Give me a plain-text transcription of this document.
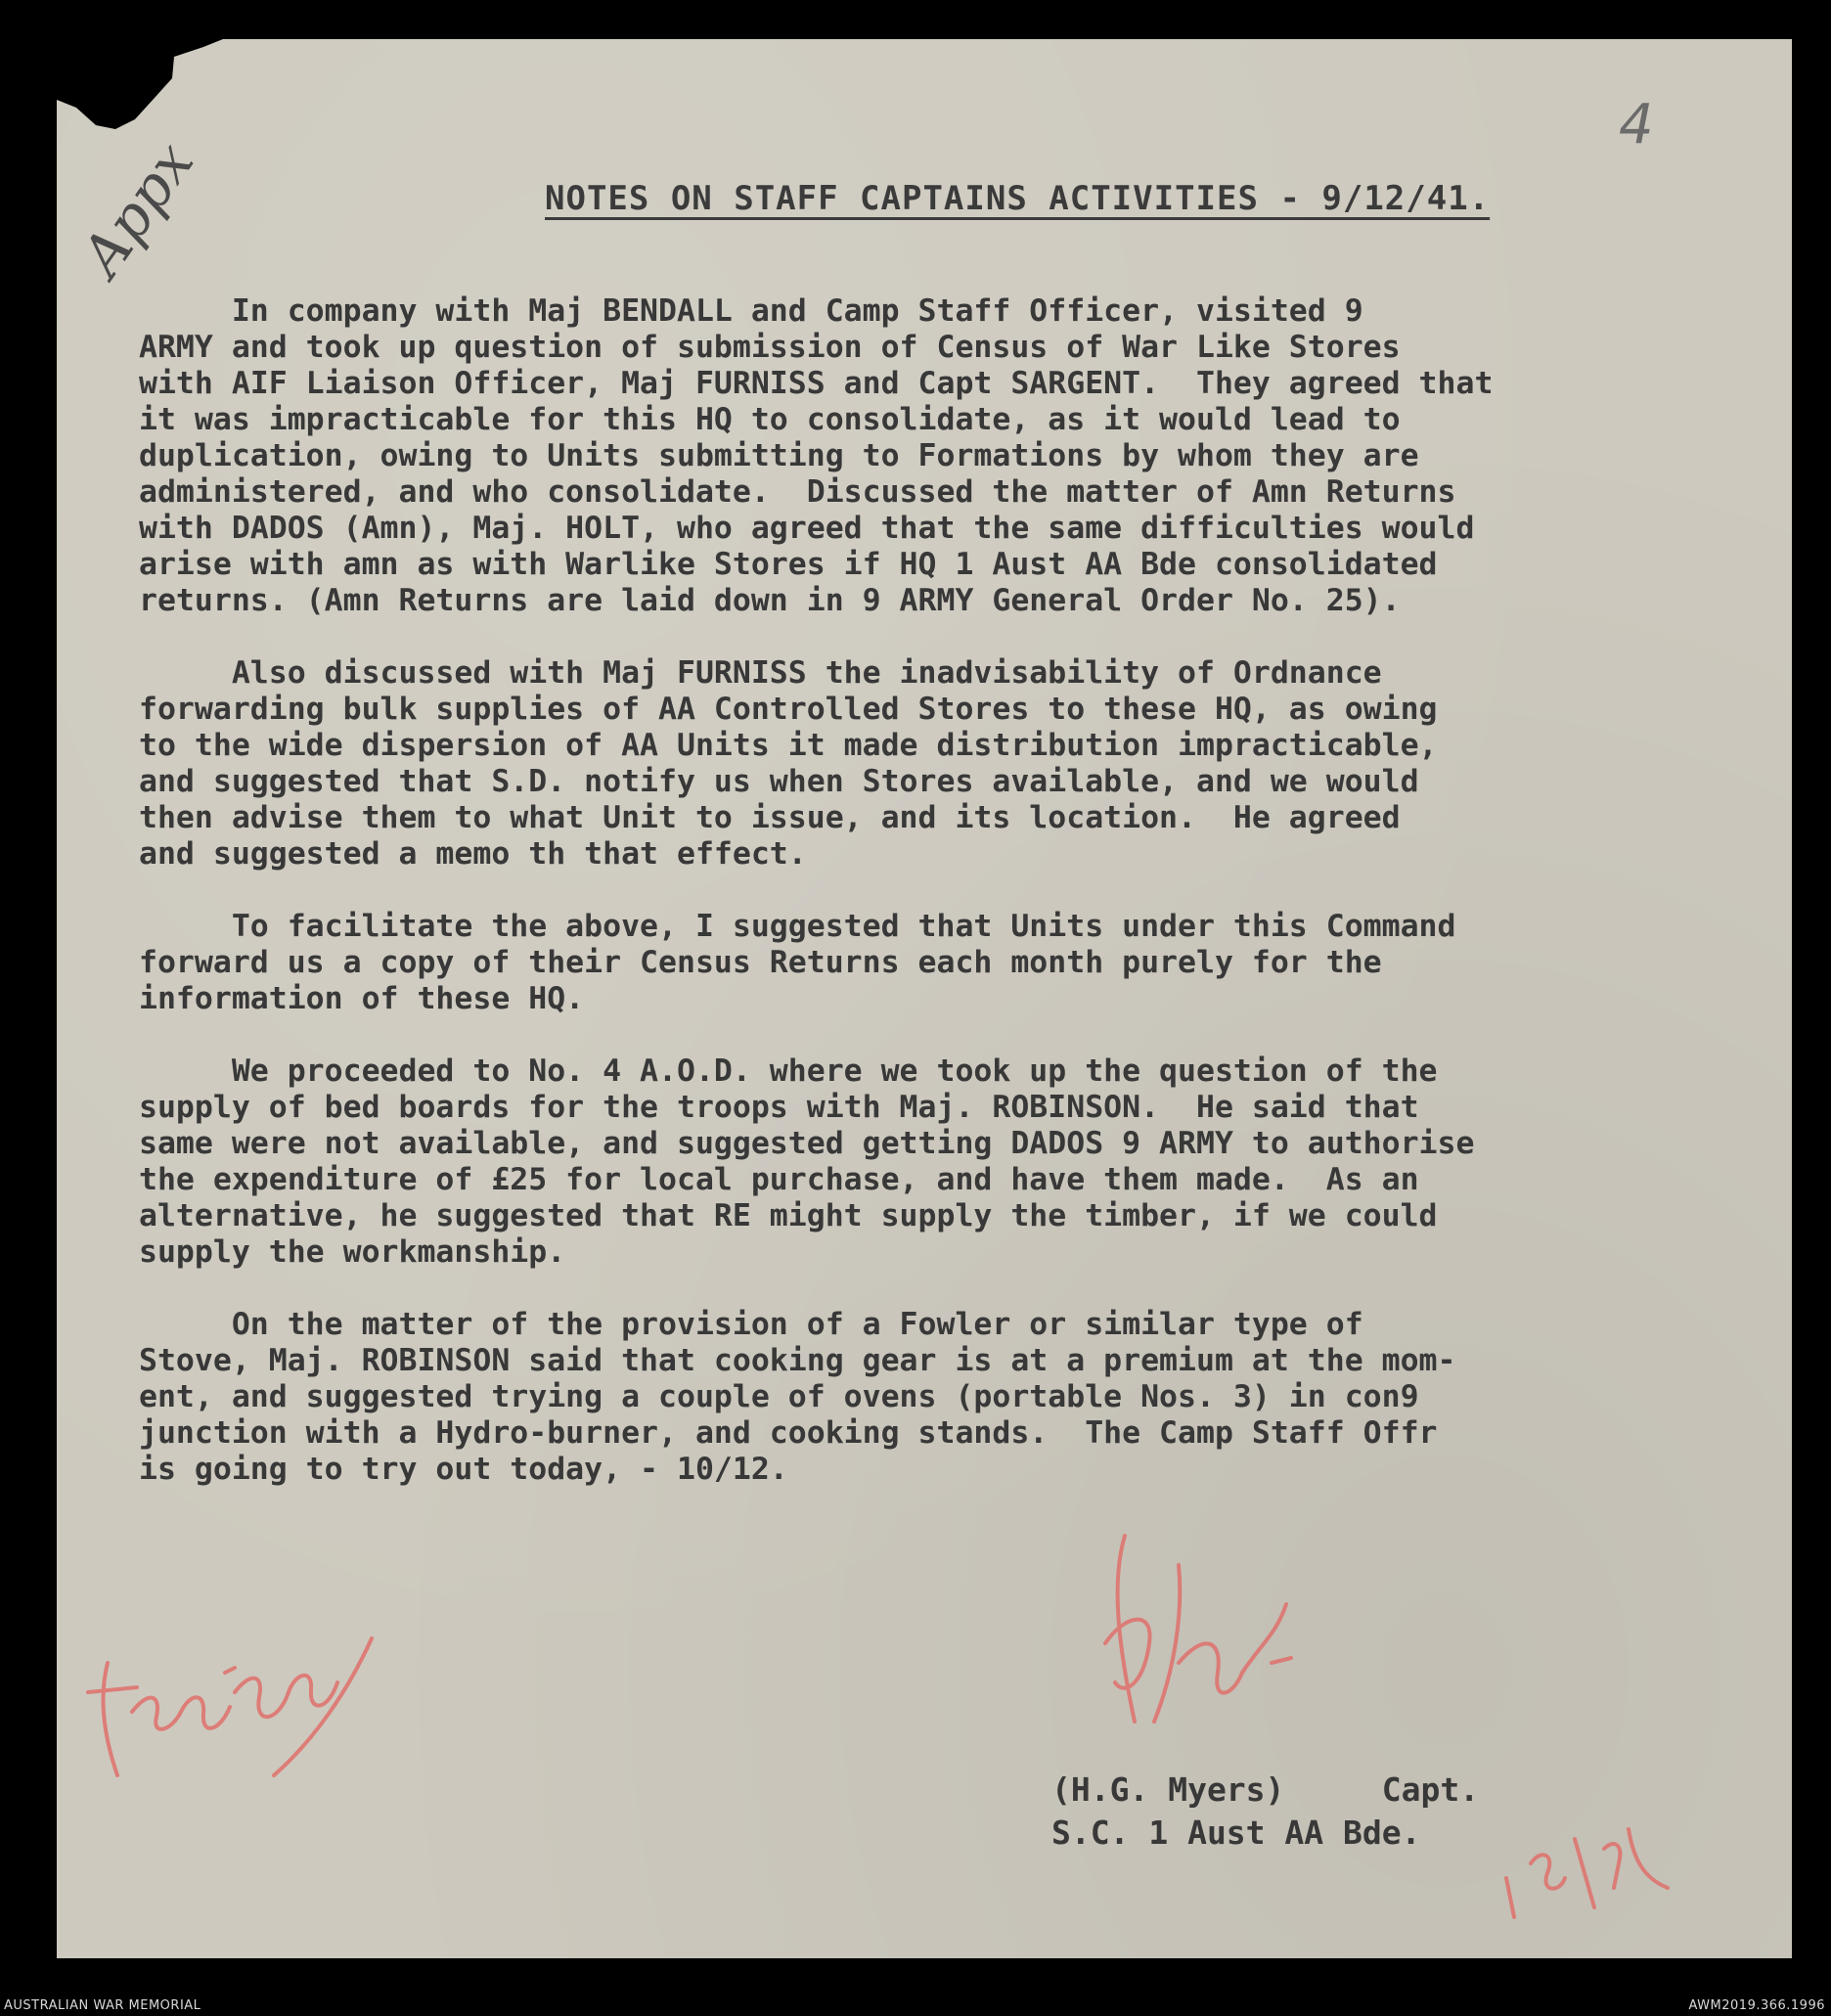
4
Appx	NOTES ON STAFF CAPTAINS ACTIVITIES - 9/12/41.
In company with Maj BENDALL and Camp Staff Officer, visited 9
ARMY and took up question of submission of Census of War Like Stores
with AIF Liaison Officer, Maj FURNISS and Capt SARGENT.  They agreed that
it was impracticable for this HQ to consolidate, as it would lead to
duplication, owing to Units submitting to Formations by whom they are
administered, and who consolidate.  Discussed the matter of Amn Returns
with DADOS (Amn), Maj. HOLT, who agreed that the same difficulties would
arise with amn as with Warlike Stores if HQ 1 Aust AA Bde consolidated
returns. (Amn Returns are laid down in 9 ARMY General Order No. 25).
Also discussed with Maj FURNISS the inadvisability of Ordnance
forwarding bulk supplies of AA Controlled Stores to these HQ, as owing
to the wide dispersion of AA Units it made distribution impracticable,
and suggested that S.D. notify us when Stores available, and we would
then advise them to what Unit to issue, and its location.  He agreed
and suggested a memo th that effect.
To facilitate the above, I suggested that Units under this Command
forward us a copy of their Census Returns each month purely for the
information of these HQ.
We proceeded to No. 4 A.O.D. where we took up the question of the
supply of bed boards for the troops with Maj. ROBINSON.  He said that
same were not available, and suggested getting DADOS 9 ARMY to authorise
the expenditure of £25 for local purchase, and have them made.  As an
alternative, he suggested that RE might supply the timber, if we could
supply the workmanship.
On the matter of the provision of a Fowler or similar type of
Stove, Maj. ROBINSON said that cooking gear is at a premium at the mom-
ent, and suggested trying a couple of ovens (portable Nos. 3) in con9
junction with a Hydro-burner, and cooking stands.  The Camp Staff Offr
is going to try out today, - 10/12.
(H.G. Myers)     Capt.
S.C. 1 Aust AA Bde.
AUSTRALIAN WAR MEMORIAL	AWM2019.366.1996
